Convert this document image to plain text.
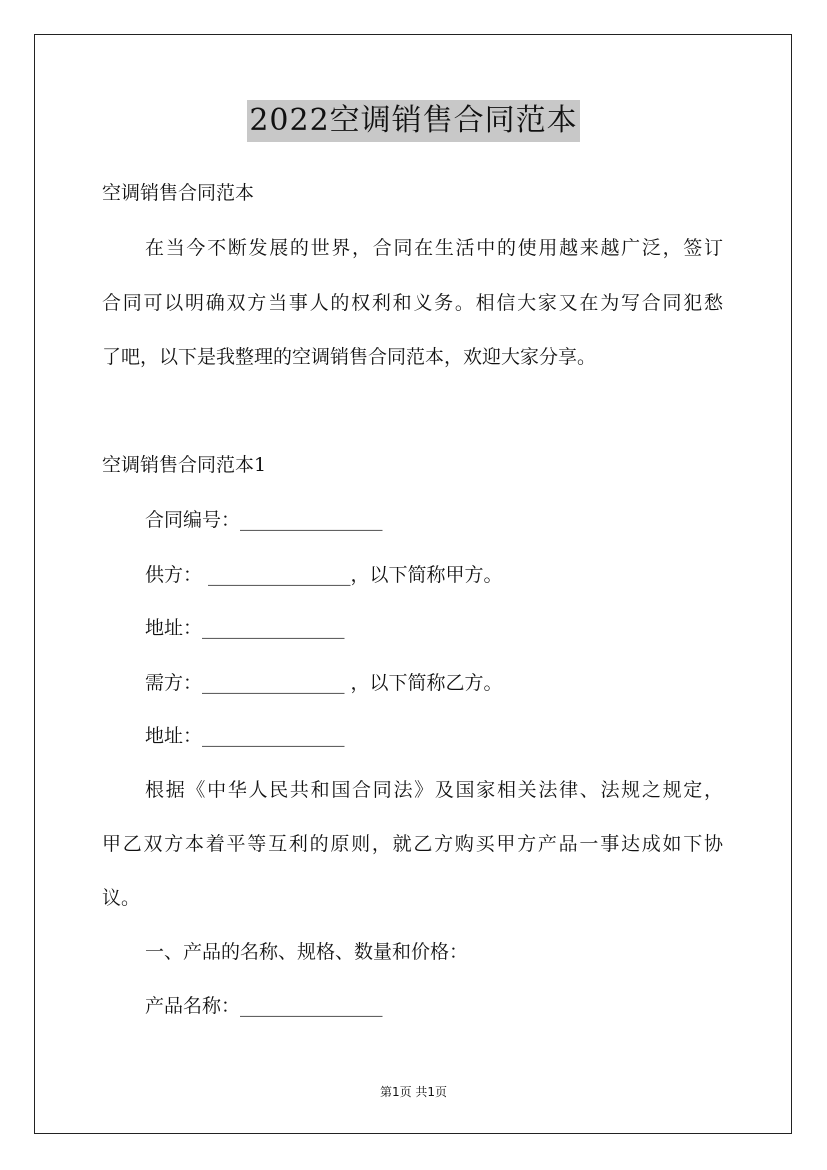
2022空调销售合同范本
空调销售合同范本
在当今不断发展的世界，合同在生活中的使用越来越广泛，签订
合同可以明确双方当事人的权利和义务。相信大家又在为写合同犯愁
了吧，以下是我整理的空调销售合同范本，欢迎大家分享。
空调销售合同范本1
合同编号：_______________
供方： _______________，以下简称甲方。
地址：_______________
需方：_______________ ，以下简称乙方。
地址：_______________
根据《中华人民共和国合同法》及国家相关法律、法规之规定，
甲乙双方本着平等互利的原则，就乙方购买甲方产品一事达成如下协
议。
一、产品的名称、规格、数量和价格：
产品名称：_______________
第1页 共1页
